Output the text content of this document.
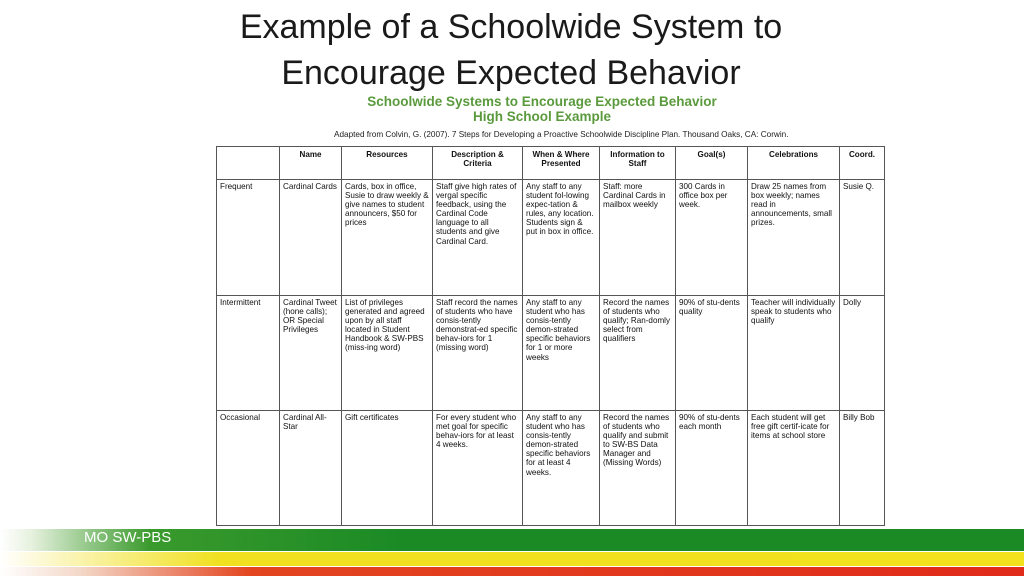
Example of a Schoolwide System to
Encourage Expected Behavior
Schoolwide Systems to Encourage Expected Behavior
High School Example
Adapted from Colvin, G. (2007). 7 Steps for Developing a Proactive Schoolwide Discipline Plan. Thousand Oaks, CA: Corwin.
	Name	Resources	Description & Criteria	When & Where Presented	Information to Staff	Goal(s)	Celebrations	Coord.
Frequent	Cardinal Cards	Cards, box in office, Susie to draw weekly & give names to student announcers, $50 for prices	Staff give high rates of vergal specific feedback, using the Cardinal Code language to all students and give Cardinal Card.	Any staff to any student fol-lowing expec-tation & rules, any location. Students sign & put in box in office.	Staff: more Cardinal Cards in mailbox weekly	300 Cards in office box per week.	Draw 25 names from box weekly; names read in announcements, small prizes.	Susie Q.
Intermittent	Cardinal Tweet (hone calls); OR Special Privileges	List of privileges generated and agreed upon by all staff located in Student Handbook & SW-PBS (miss-ing word)	Staff record the names of students who have consis-tently demonstrat-ed specific behav-iors for 1 (missing word)	Any staff to any student who has consis-tently demon-strated specific behaviors for 1 or more weeks	Record the names of students who qualify; Ran-domly select from qualifiers	90% of stu-dents quality	Teacher will individually speak to students who qualify	Dolly
Occasional	Cardinal All-Star	Gift certificates	For every student who met goal for specific behav-iors for at least 4 weeks.	Any staff to any student who has consis-tently demon-strated specific behaviors for at least 4 weeks.	Record the names of students who qualify and submit to SW-BS Data Manager and (Missing Words)	90% of stu-dents each month	Each student will get free gift certif-icate for items at school store	Billy Bob
MO SW-PBS
